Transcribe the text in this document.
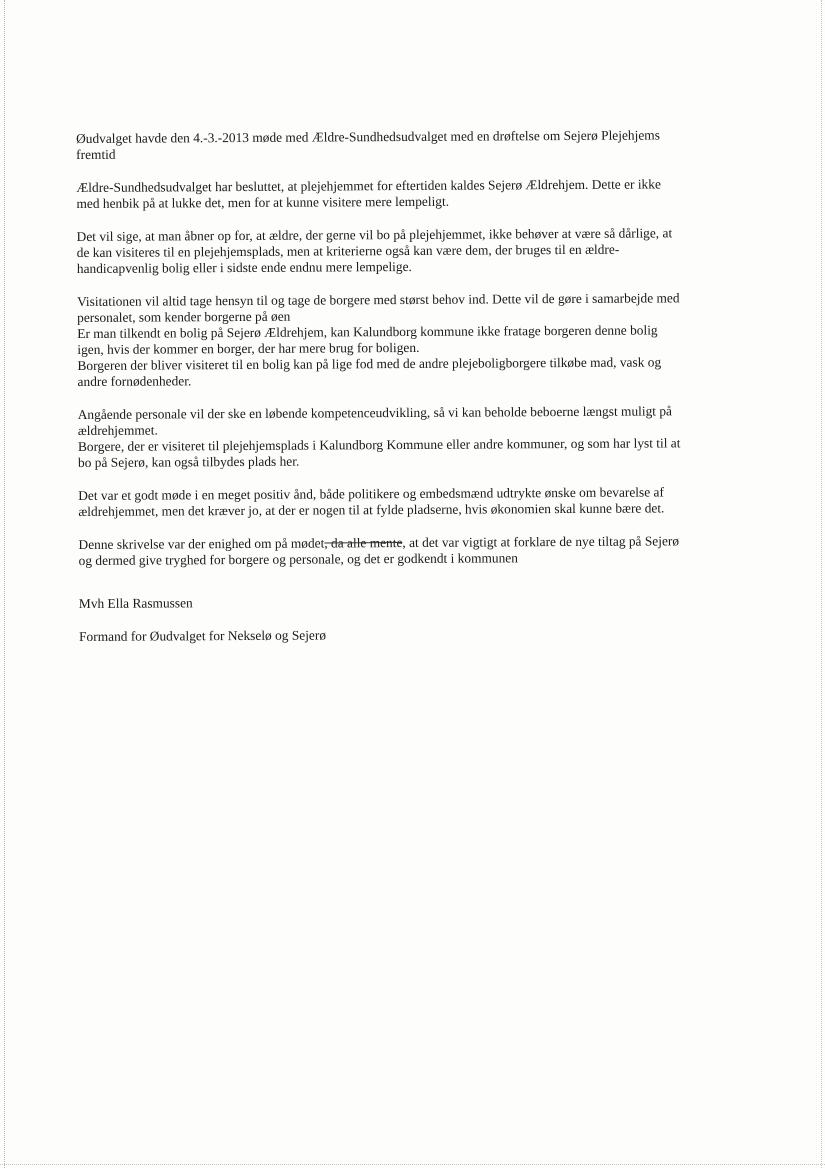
Øudvalget havde den 4.-3.-2013 møde med Ældre-Sundhedsudvalget med en drøftelse om Sejerø Plejehjems
fremtid

Ældre-Sundhedsudvalget har besluttet, at plejehjemmet for eftertiden kaldes Sejerø Ældrehjem. Dette er ikke
med henbik på at lukke det, men for at kunne visitere mere lempeligt.

Det vil sige, at man åbner op for, at ældre, der gerne vil bo på plejehjemmet, ikke behøver at være så dårlige, at
de kan visiteres til en plejehjemsplads, men at kriterierne også kan være dem, der bruges til en ældre-
handicapvenlig bolig eller i sidste ende endnu mere lempelige.

Visitationen vil altid tage hensyn til og tage de borgere med størst behov ind. Dette vil de gøre i samarbejde med
personalet, som kender borgerne på øen
Er man tilkendt en bolig på Sejerø Ældrehjem, kan Kalundborg kommune ikke fratage borgeren denne bolig
igen, hvis der kommer en borger, der har mere brug for boligen.
Borgeren der bliver visiteret til en bolig kan på lige fod med de andre plejeboligborgere tilkøbe mad, vask og
andre fornødenheder.

Angående personale vil der ske en løbende kompetenceudvikling, så vi kan beholde beboerne længst muligt på
ældrehjemmet.
Borgere, der er visiteret til plejehjemsplads i Kalundborg Kommune eller andre kommuner, og som har lyst til at
bo på Sejerø, kan også tilbydes plads her.

Det var et godt møde i en meget positiv ånd, både politikere og embedsmænd udtrykte ønske om bevarelse af
ældrehjemmet, men det kræver jo, at der er nogen til at fylde pladserne, hvis økonomien skal kunne bære det.

Denne skrivelse var der enighed om på mødet, da alle mente, at det var vigtigt at forklare de nye tiltag på Sejerø
og dermed give tryghed for borgere og personale, og det er godkendt i kommunen

Mvh Ella Rasmussen

Formand for Øudvalget for Nekselø og Sejerø
